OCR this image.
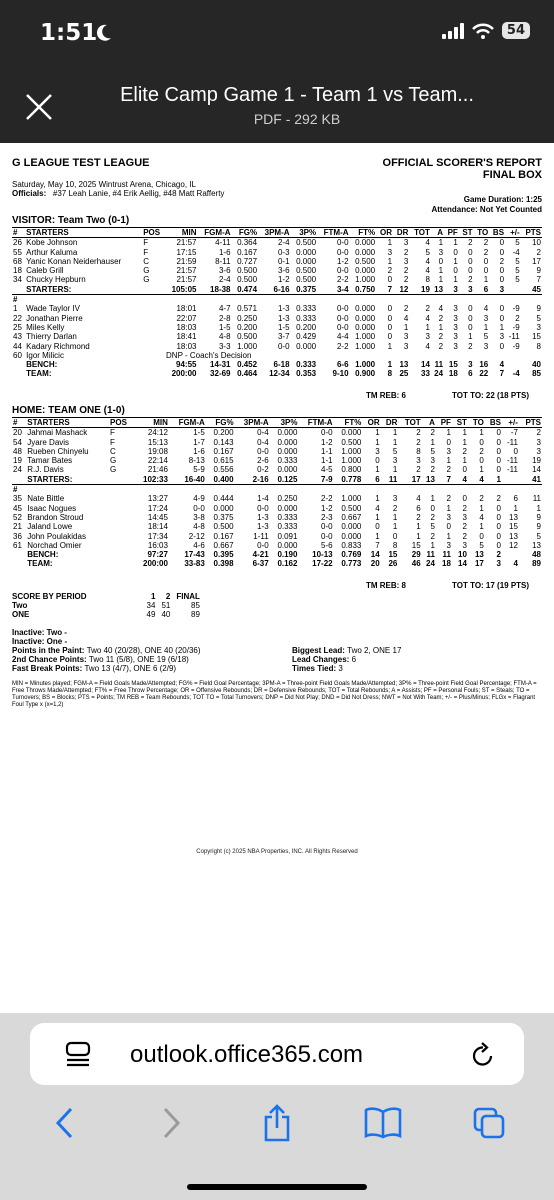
1:51	54
Elite Camp Game 1 - Team 1 vs Team...
PDF - 292 KB
G LEAGUE TEST LEAGUE	OFFICIAL SCORER'S REPORT
FINAL BOX
Saturday, May 10, 2025 Wintrust Arena, Chicago, IL
Officials: #37 Leah Lanie, #4 Erik Aellig, #48 Matt Rafferty
Game Duration: 1:25
Attendance: Not Yet Counted
VISITOR: Team Two (0-1)
#	STARTERS	POS	MIN	FGM-A	FG%	3PM-A	3P%	FTM-A	FT%	OR	DR	TOT	A	PF	ST	TO	BS	+/-	PTS
26	Kobe Johnson	F	21:57	4-11	0.364	2-4	0.500	0-0	0.000	1	3	4	1	1	2	2	0	5	10
55	Arthur Kaluma	F	17:15	1-6	0.167	0-3	0.000	0-0	0.000	3	2	5	3	0	0	2	0	-4	2
68	Yanic Konan Neiderhauser	C	21:59	8-11	0.727	0-1	0.000	1-2	0.500	1	3	4	0	1	0	0	2	5	17
18	Caleb Grill	G	21:57	3-6	0.500	3-6	0.500	0-0	0.000	2	2	4	1	0	0	0	0	5	9
34	Chucky Hepburn	G	21:57	2-4	0.500	1-2	0.500	2-2	1.000	0	2	8	1	1	2	1	0	5	7
	STARTERS:		105:05	18-38	0.474	6-16	0.375	3-4	0.750	7	12	19	13	3	3	6	3		45
#																			
1	Wade Taylor IV		18:01	4-7	0.571	1-3	0.333	0-0	0.000	0	2	2	4	3	0	4	0	-9	9
22	Jonathan Pierre		22:07	2-8	0.250	1-3	0.333	0-0	0.000	0	4	4	2	3	0	3	0	2	5
25	Miles Kelly		18:03	1-5	0.200	1-5	0.200	0-0	0.000	0	1	1	1	3	0	1	1	-9	3
43	Thierry Darlan		18:41	4-8	0.500	3-7	0.429	4-4	1.000	0	3	3	2	3	1	5	3	-11	15
44	Kadary Richmond		18:03	3-3	1.000	0-0	0.000	2-2	1.000	1	3	4	2	3	2	3	0	-9	8
60	Igor Milicic		DNP - Coach's Decision																
	BENCH:		94:55	14-31	0.452	6-18	0.333	6-6	1.000	1	13	14	11	15	3	16	4		40
	TEAM:		200:00	32-69	0.464	12-34	0.353	9-10	0.900	8	25	33	24	18	6	22	7	-4	85
TM REB: 6	TOT TO: 22 (18 PTS)
HOME: TEAM ONE (1-0)
#	STARTERS	POS	MIN	FGM-A	FG%	3PM-A	3P%	FTM-A	FT%	OR	DR	TOT	A	PF	ST	TO	BS	+/-	PTS
20	Jahmai Mashack	F	24:12	1-5	0.200	0-4	0.000	0-0	0.000	1	1	2	2	1	1	1	0	-7	2
54	Jyare Davis	F	15:13	1-7	0.143	0-4	0.000	1-2	0.500	1	1	2	1	0	1	0	0	-11	3
48	Rueben Chinyelu	C	19:08	1-6	0.167	0-0	0.000	1-1	1.000	3	5	8	5	3	2	2	0	0	3
19	Tamar Bates	G	22:14	8-13	0.615	2-6	0.333	1-1	1.000	0	3	3	3	1	1	0	0	-11	19
24	R.J. Davis	G	21:46	5-9	0.556	0-2	0.000	4-5	0.800	1	1	2	2	2	0	1	0	-11	14
	STARTERS:		102:33	16-40	0.400	2-16	0.125	7-9	0.778	6	11	17	13	7	4	4	1		41
#																			
35	Nate Bittle		13:27	4-9	0.444	1-4	0.250	2-2	1.000	1	3	4	1	2	0	2	2	6	11
45	Isaac Nogues		17:24	0-0	0.000	0-0	0.000	1-2	0.500	4	2	6	0	1	2	1	0	1	1
52	Brandon Stroud		14:45	3-8	0.375	1-3	0.333	2-3	0.667	1	1	2	2	3	3	4	0	13	9
21	Jaland Lowe		18:14	4-8	0.500	1-3	0.333	0-0	0.000	0	1	1	5	0	2	1	0	15	9
36	John Poulakidas		17:34	2-12	0.167	1-11	0.091	0-0	0.000	1	0	1	2	1	2	0	0	13	5
61	Norchad Omier		16:03	4-6	0.667	0-0	0.000	5-6	0.833	7	8	15	1	3	3	5	0	12	13
	BENCH:		97:27	17-43	0.395	4-21	0.190	10-13	0.769	14	15	29	11	11	10	13	2		48
	TEAM:		200:00	33-83	0.398	6-37	0.162	17-22	0.773	20	26	46	24	18	14	17	3	4	89
TM REB: 8	TOT TO: 17 (19 PTS)
SCORE BY PERIOD	1	2	FINAL
Two	34	51	85
ONE	49	40	89
Inactive: Two -
Inactive: One -
Points in the Paint: Two 40 (20/28), ONE 40 (20/36)	Biggest Lead: Two 2, ONE 17
2nd Chance Points: Two 11 (5/8), ONE 19 (6/18)	Lead Changes: 6
Fast Break Points: Two 13 (4/7), ONE 6 (2/9)	Times Tied: 3
MIN = Minutes played; FGM-A = Field Goals Made/Attempted; FG% = Field Goal Percentage; 3PM-A = Three-point Field Goals Made/Attempted; 3P% = Three-point Field Goal Percentage; FTM-A = Free Throws Made/Attempted; FT% = Free Throw Percentage; OR = Offensive Rebounds; DR = Defensive Rebounds; TOT = Total Rebounds; A = Assists; PF = Personal Fouls; ST = Steals; TO = Turnovers; BS = Blocks; PTS = Points; TM REB = Team Rebounds; TOT TO = Total Turnovers; DNP = Did Not Play; DND = Did Not Dress; NWT = Not With Team; +/- = Plus/Minus; FLGx = Flagrant Foul Type x (x=1,2)
Copyright (c) 2025 NBA Properties, INC. All Rights Reserved
outlook.office365.com
